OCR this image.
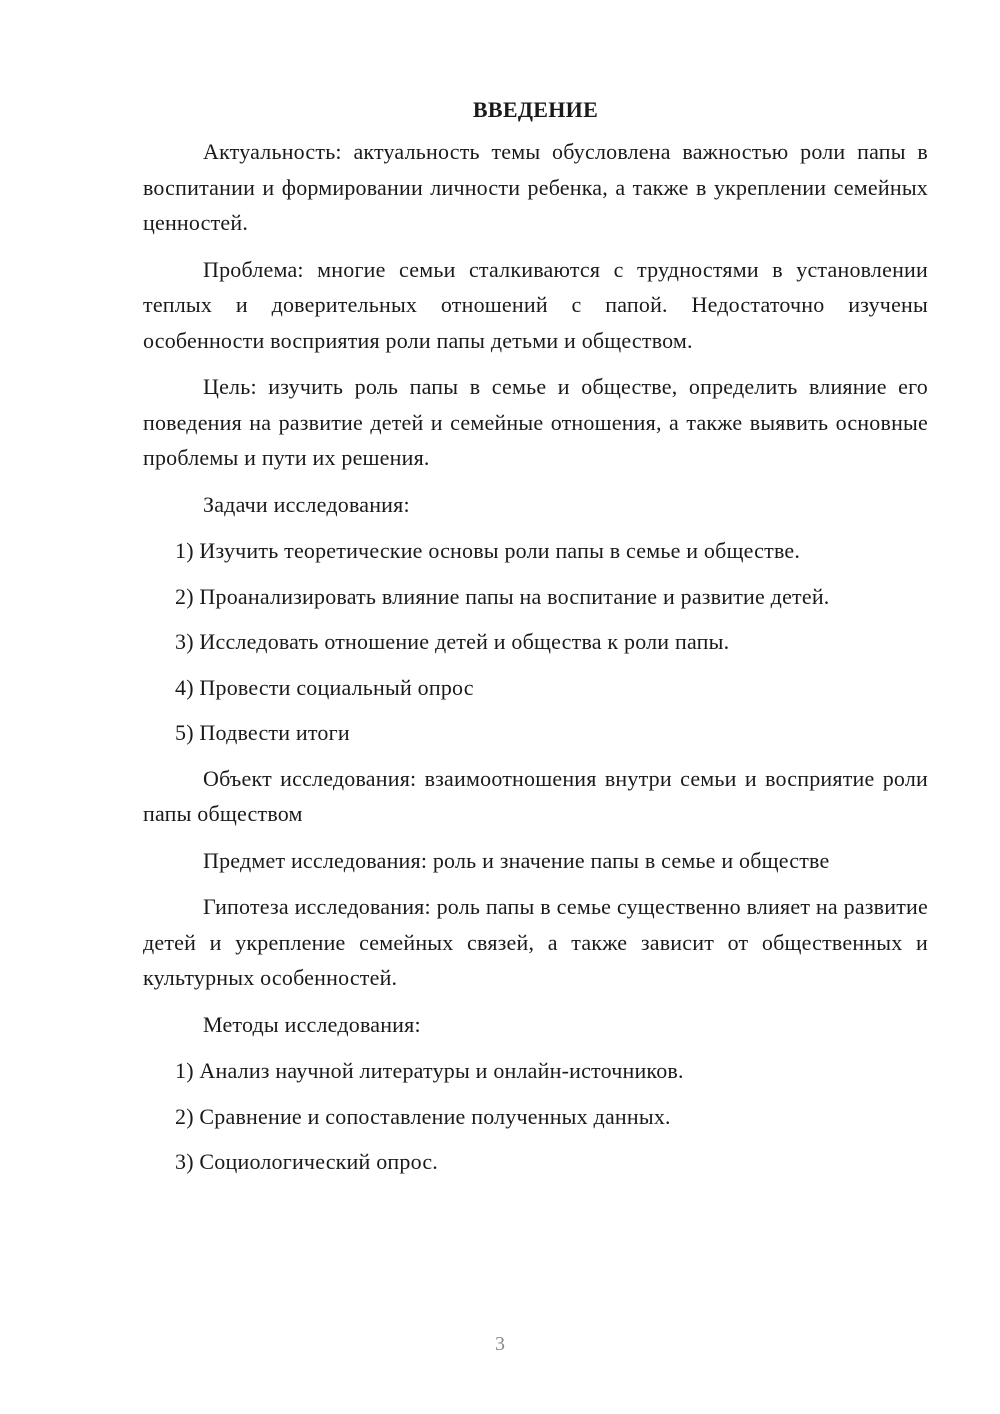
ВВЕДЕНИЕ

Актуальность: актуальность темы обусловлена важностью роли папы в воспитании и формировании личности ребенка, а также в укреплении семейных ценностей.

Проблема: многие семьи сталкиваются с трудностями в установлении теплых и доверительных отношений с папой. Недостаточно изучены особенности восприятия роли папы детьми и обществом.

Цель: изучить роль папы в семье и обществе, определить влияние его поведения на развитие детей и семейные отношения, а также выявить основные проблемы и пути их решения.

Задачи исследования:

1) Изучить теоретические основы роли папы в семье и обществе.
2) Проанализировать влияние папы на воспитание и развитие детей.
3) Исследовать отношение детей и общества к роли папы.
4) Провести социальный опрос
5) Подвести итоги

Объект исследования: взаимоотношения внутри семьи и восприятие роли папы обществом

Предмет исследования: роль и значение папы в семье и обществе

Гипотеза исследования: роль папы в семье существенно влияет на развитие детей и укрепление семейных связей, а также зависит от общественных и культурных особенностей.

Методы исследования:

1) Анализ научной литературы и онлайн-источников.
2) Сравнение и сопоставление полученных данных.
3) Социологический опрос.
3
